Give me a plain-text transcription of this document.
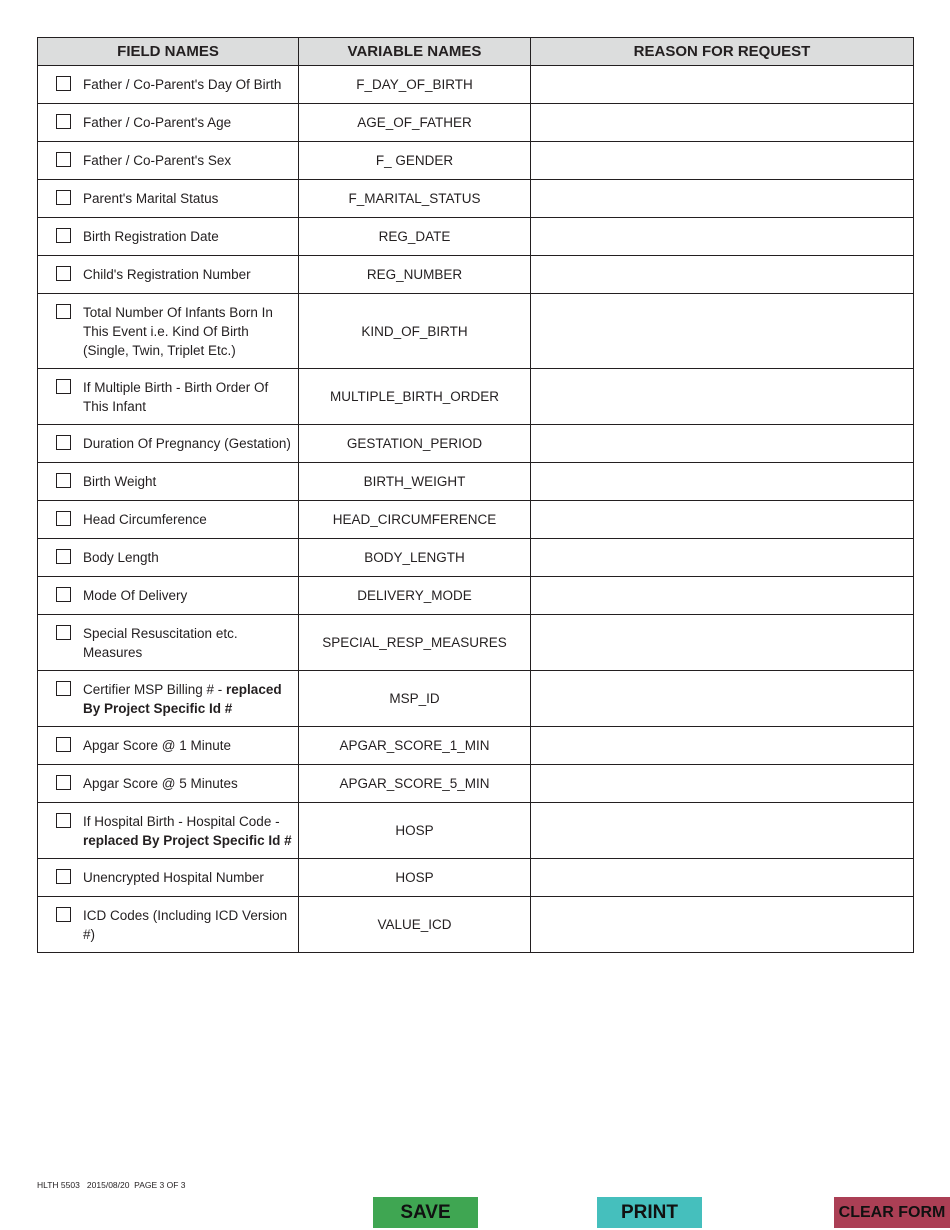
FIELD NAMES	VARIABLE NAMES	REASON FOR REQUEST

Father / Co-Parent's Day Of Birth	F_DAY_OF_BIRTH	

Father / Co-Parent's Age	AGE_OF_FATHER	

Father / Co-Parent's Sex	F_ GENDER	

Parent's Marital Status	F_MARITAL_STATUS	

Birth Registration Date	REG_DATE	

Child's Registration Number	REG_NUMBER	

Total Number Of Infants Born In This Event i.e. Kind Of Birth (Single, Twin, Triplet Etc.)	KIND_OF_BIRTH	

If Multiple Birth - Birth Order Of This Infant	MULTIPLE_BIRTH_ORDER	

Duration Of Pregnancy (Gestation)	GESTATION_PERIOD	

Birth Weight	BIRTH_WEIGHT	

Head Circumference	HEAD_CIRCUMFERENCE	

Body Length	BODY_LENGTH	

Mode Of Delivery	DELIVERY_MODE	

Special Resuscitation etc. Measures	SPECIAL_RESP_MEASURES	

Certifier MSP Billing # - replaced By Project Specific Id #	MSP_ID	

Apgar Score @ 1 Minute	APGAR_SCORE_1_MIN	

Apgar Score @ 5 Minutes	APGAR_SCORE_5_MIN	

If Hospital Birth - Hospital Code - replaced By Project Specific Id #	HOSP	

Unencrypted Hospital Number	HOSP	

ICD Codes (Including ICD Version #)	VALUE_ICD	
HLTH 5503   2015/08/20  PAGE 3 OF 3
SAVE	PRINT	CLEAR FORM
